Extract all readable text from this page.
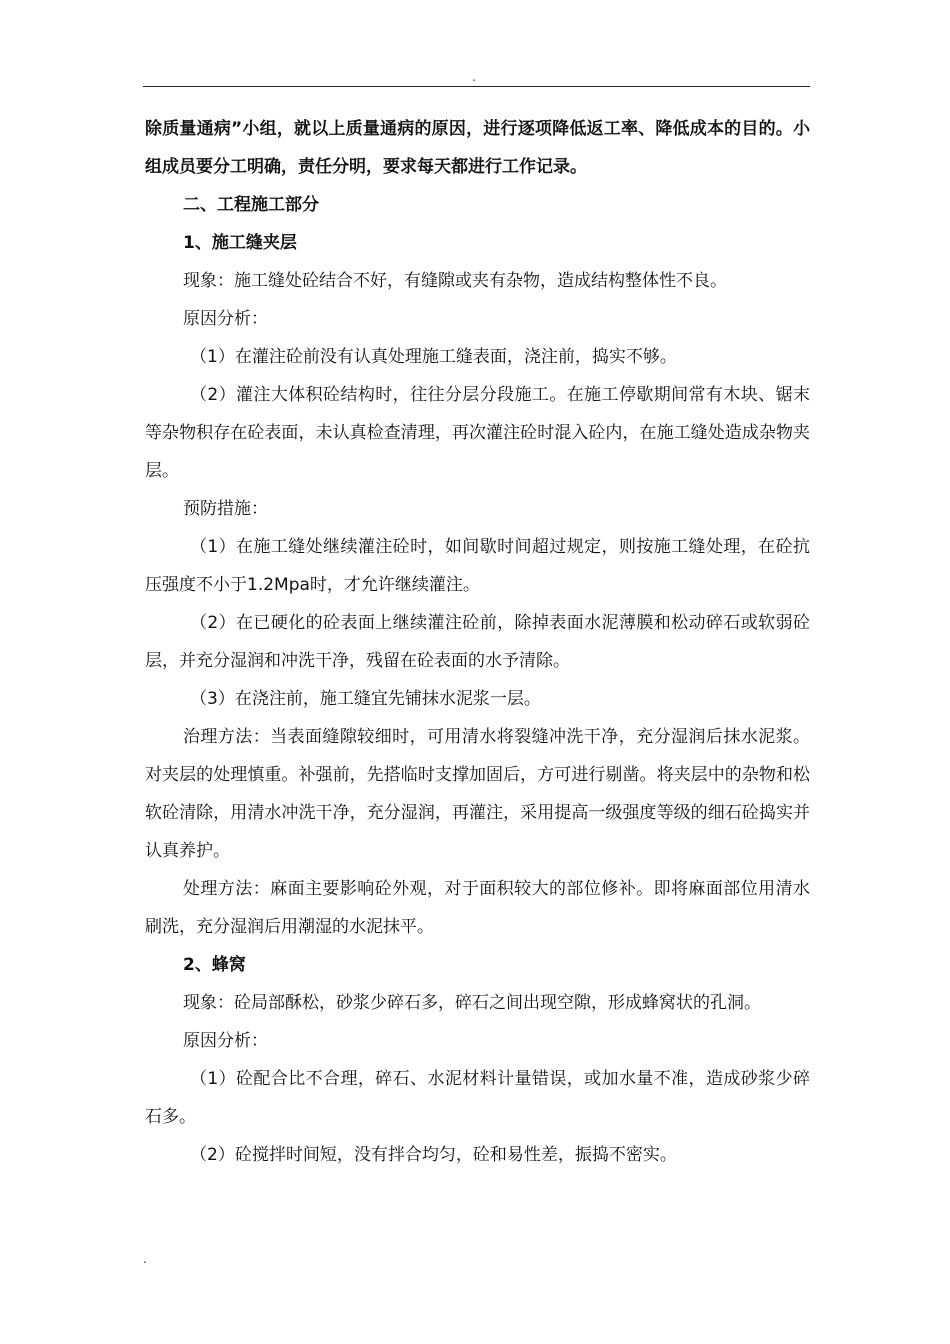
.

除质量通病”小组，就以上质量通病的原因，进行逐项降低返工率、降低成本的目的。小组成员要分工明确，责任分明，要求每天都进行工作记录。

二、工程施工部分

1、施工缝夹层

现象：施工缝处砼结合不好，有缝隙或夹有杂物，造成结构整体性不良。

原因分析：

（1）在灌注砼前没有认真处理施工缝表面，浇注前，捣实不够。

（2）灌注大体积砼结构时，往往分层分段施工。在施工停歇期间常有木块、锯末等杂物积存在砼表面，未认真检查清理，再次灌注砼时混入砼内，在施工缝处造成杂物夹层。

预防措施：

（1）在施工缝处继续灌注砼时，如间歇时间超过规定，则按施工缝处理，在砼抗压强度不小于1.2Mpa时，才允许继续灌注。

（2）在已硬化的砼表面上继续灌注砼前，除掉表面水泥薄膜和松动碎石或软弱砼层，并充分湿润和冲洗干净，残留在砼表面的水予清除。

（3）在浇注前，施工缝宜先铺抹水泥浆一层。

治理方法：当表面缝隙较细时，可用清水将裂缝冲洗干净，充分湿润后抹水泥浆。对夹层的处理慎重。补强前，先搭临时支撑加固后，方可进行剔凿。将夹层中的杂物和松软砼清除，用清水冲洗干净，充分湿润，再灌注，采用提高一级强度等级的细石砼捣实并认真养护。

处理方法：麻面主要影响砼外观，对于面积较大的部位修补。即将麻面部位用清水刷洗，充分湿润后用潮湿的水泥抹平。

2、蜂窝

现象：砼局部酥松，砂浆少碎石多，碎石之间出现空隙，形成蜂窝状的孔洞。

原因分析：

（1）砼配合比不合理，碎石、水泥材料计量错误，或加水量不准，造成砂浆少碎石多。

（2）砼搅拌时间短，没有拌合均匀，砼和易性差，振捣不密实。

.
